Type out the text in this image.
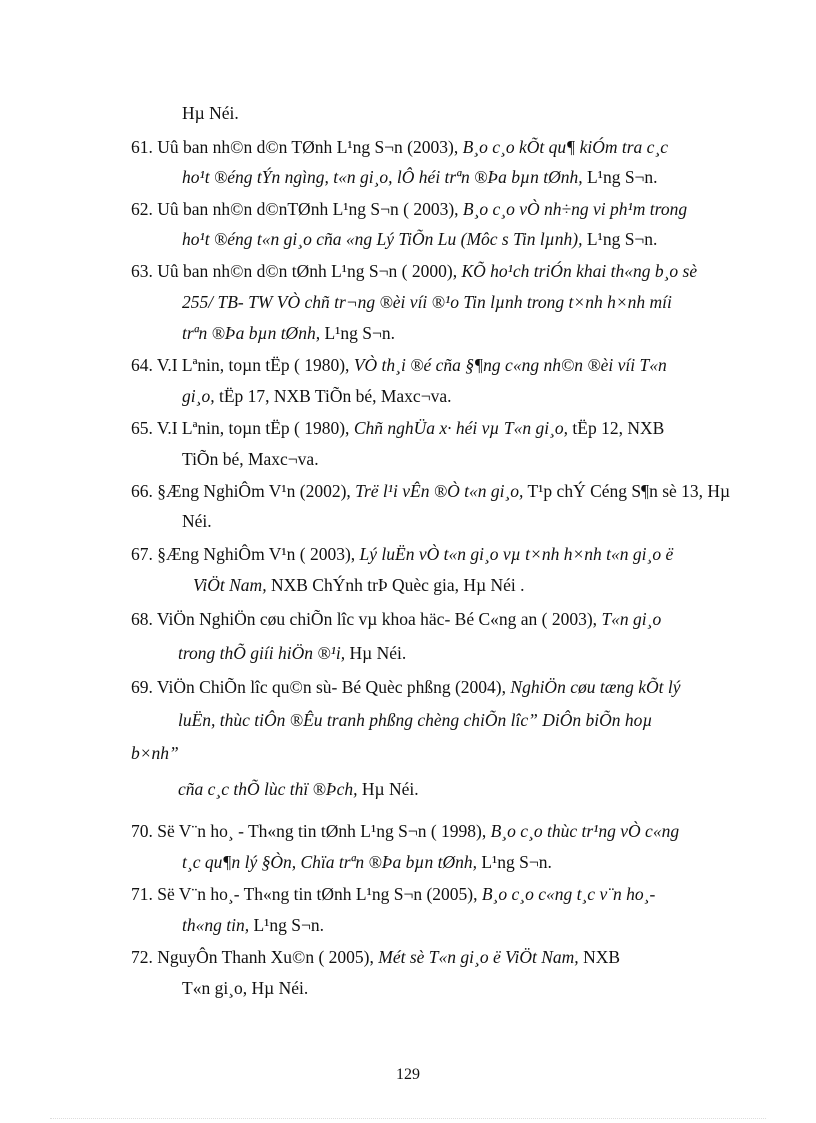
Hµ Néi.
61. Uû ban nh©n d©n TØnh L¹ng S¬n (2003), B¸o c¸o kÕt qu¶ kiÓm tra c¸c
ho¹t ®éng tÝn ngìng, t«n gi¸o, lÔ héi trªn ®Þa bµn tØnh, L¹ng S¬n.
62. Uû ban nh©n d©nTØnh L¹ng S¬n ( 2003), B¸o c¸o vÒ nh÷ng vi ph¹m trong
ho¹t ®éng t«n gi¸o cña «ng Lý TiÕn Lu (Môc s Tin lµnh), L¹ng S¬n.
63. Uû ban nh©n d©n tØnh L¹ng S¬n ( 2000), KÕ ho¹ch triÓn khai th«ng b¸o sè
255/ TB- TW VÒ chñ tr¬ng ®èi víi ®¹o Tin lµnh trong t×nh h×nh míi
trªn ®Þa bµn tØnh, L¹ng S¬n.
64. V.I Lªnin, toµn tËp ( 1980), VÒ th¸i ®é cña §¶ng c«ng nh©n ®èi víi T«n
gi¸o, tËp 17, NXB TiÕn bé, Maxc¬va.
65. V.I Lªnin, toµn tËp ( 1980), Chñ nghÜa x· héi vµ T«n gi¸o, tËp 12, NXB
TiÕn bé, Maxc¬va.
66. §Æng NghiÔm V¹n (2002), Trë l¹i vÊn ®Ò t«n gi¸o, T¹p chÝ Céng S¶n sè 13, Hµ
Néi.
67. §Æng NghiÔm V¹n ( 2003), Lý luËn vÒ t«n gi¸o vµ t×nh h×nh t«n gi¸o ë
ViÖt Nam, NXB ChÝnh trÞ Quèc gia, Hµ Néi .
68. ViÖn NghiÖn cøu chiÕn lîc vµ khoa häc- Bé C«ng an ( 2003), T«n gi¸o
trong thÕ giíi hiÖn ®¹i, Hµ Néi.
69. ViÖn ChiÕn lîc qu©n sù- Bé Quèc phßng (2004), NghiÖn cøu tæng kÕt lý
luËn, thùc tiÔn ®Êu tranh phßng chèng chiÕn lîc” DiÔn biÕn hoµ
b×nh”
cña c¸c thÕ lùc thï ®Þch, Hµ Néi.
70. Së V¨n ho¸ - Th«ng tin tØnh L¹ng S¬n ( 1998), B¸o c¸o thùc tr¹ng vÒ c«ng
t¸c qu¶n lý §Òn, Chïa trªn ®Þa bµn tØnh, L¹ng S¬n.
71. Së V¨n ho¸- Th«ng tin tØnh L¹ng S¬n (2005), B¸o c¸o c«ng t¸c v¨n ho¸-
th«ng tin, L¹ng S¬n.
72. NguyÔn Thanh Xu©n ( 2005), Mét sè T«n gi¸o ë ViÖt Nam, NXB
T«n gi¸o, Hµ Néi.
129
